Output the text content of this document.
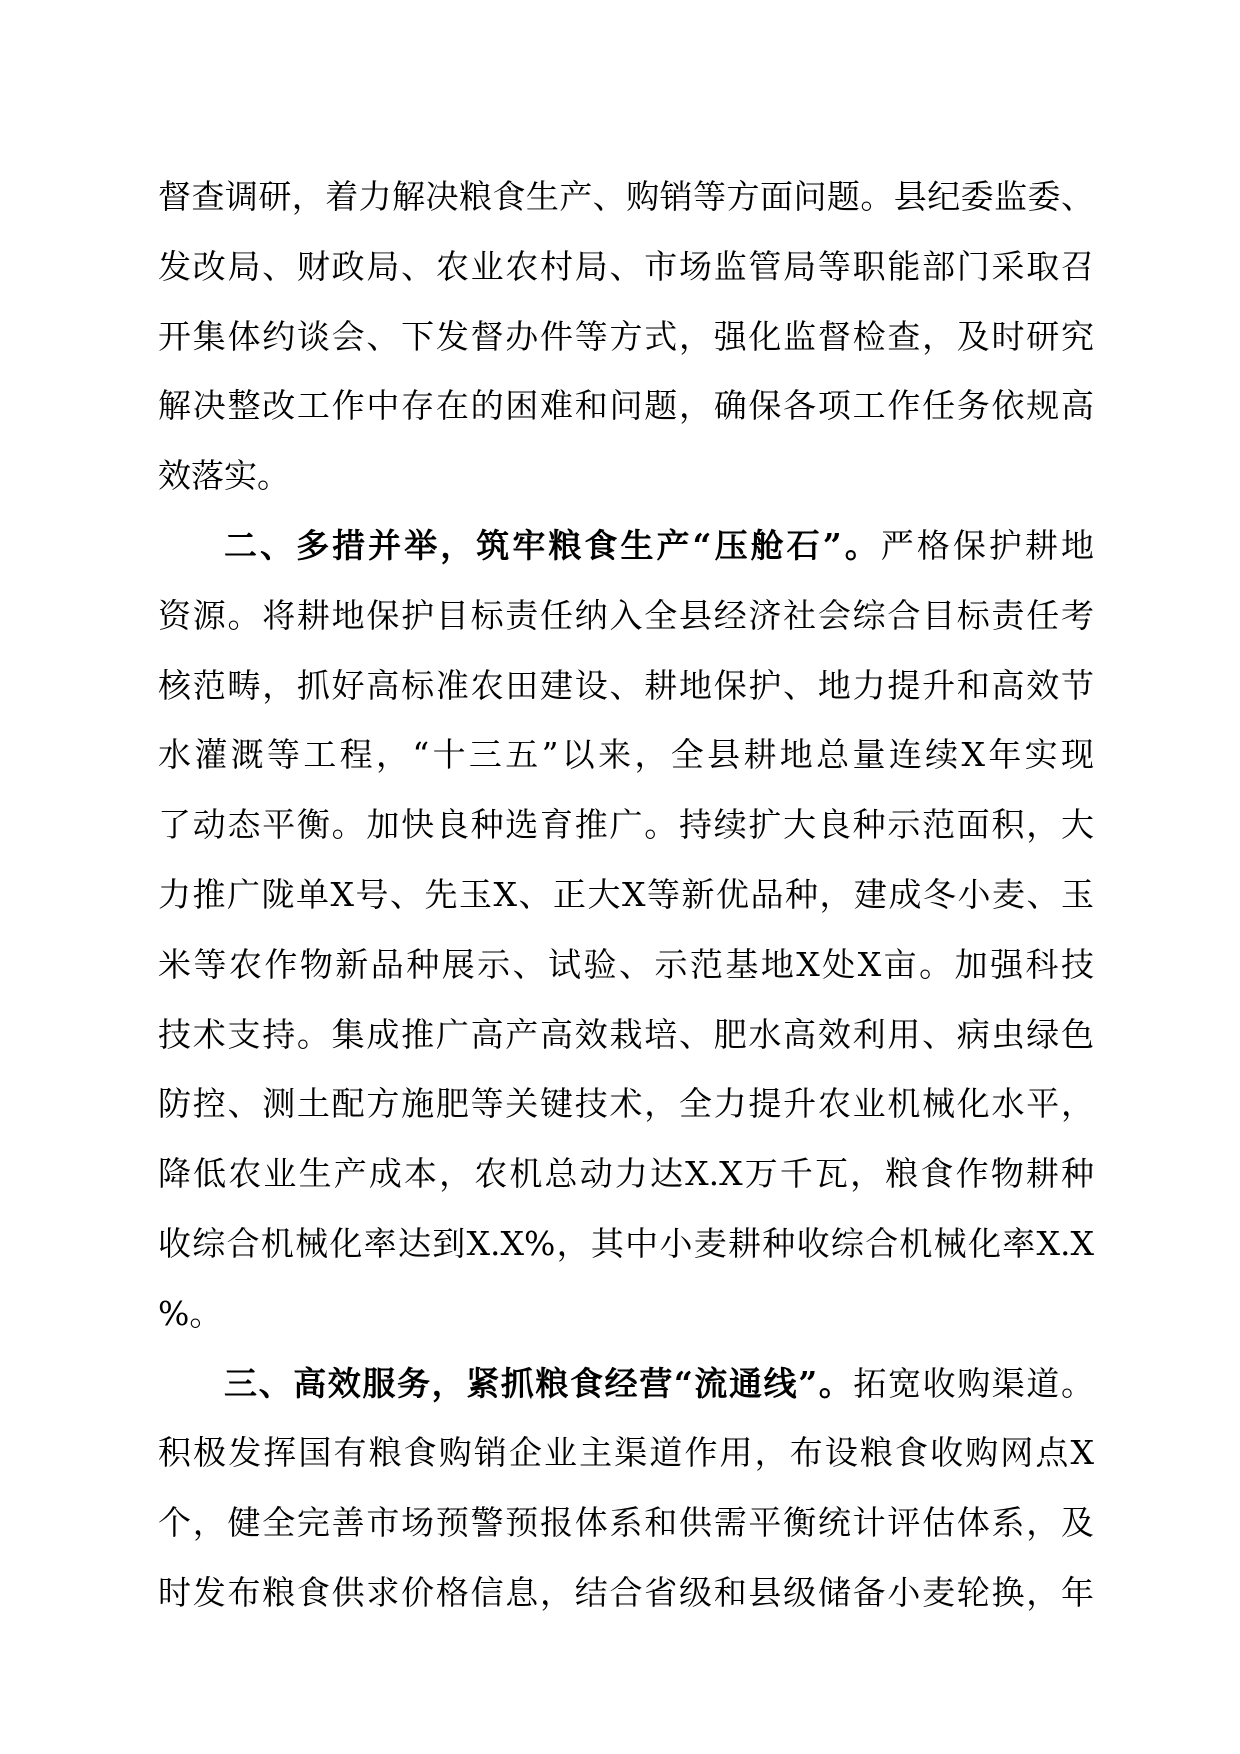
督查调研，着力解决粮食生产、购销等方面问题。县纪委监委、
发改局、财政局、农业农村局、市场监管局等职能部门采取召
开集体约谈会、下发督办件等方式，强化监督检查，及时研究
解决整改工作中存在的困难和问题，确保各项工作任务依规高
效落实。
二、多措并举，筑牢粮食生产“压舱石”。严格保护耕地
资源。将耕地保护目标责任纳入全县经济社会综合目标责任考
核范畴，抓好高标准农田建设、耕地保护、地力提升和高效节
水灌溉等工程，“十三五”以来，全县耕地总量连续X年实现
了动态平衡。加快良种选育推广。持续扩大良种示范面积，大
力推广陇单X号、先玉X、正大X等新优品种，建成冬小麦、玉
米等农作物新品种展示、试验、示范基地X处X亩。加强科技
技术支持。集成推广高产高效栽培、肥水高效利用、病虫绿色
防控、测土配方施肥等关键技术，全力提升农业机械化水平，
降低农业生产成本，农机总动力达X.X万千瓦，粮食作物耕种
收综合机械化率达到X.X%，其中小麦耕种收综合机械化率X.X
%。
三、高效服务，紧抓粮食经营“流通线”。拓宽收购渠道。
积极发挥国有粮食购销企业主渠道作用，布设粮食收购网点X
个，健全完善市场预警预报体系和供需平衡统计评估体系，及
时发布粮食供求价格信息，结合省级和县级储备小麦轮换，年
